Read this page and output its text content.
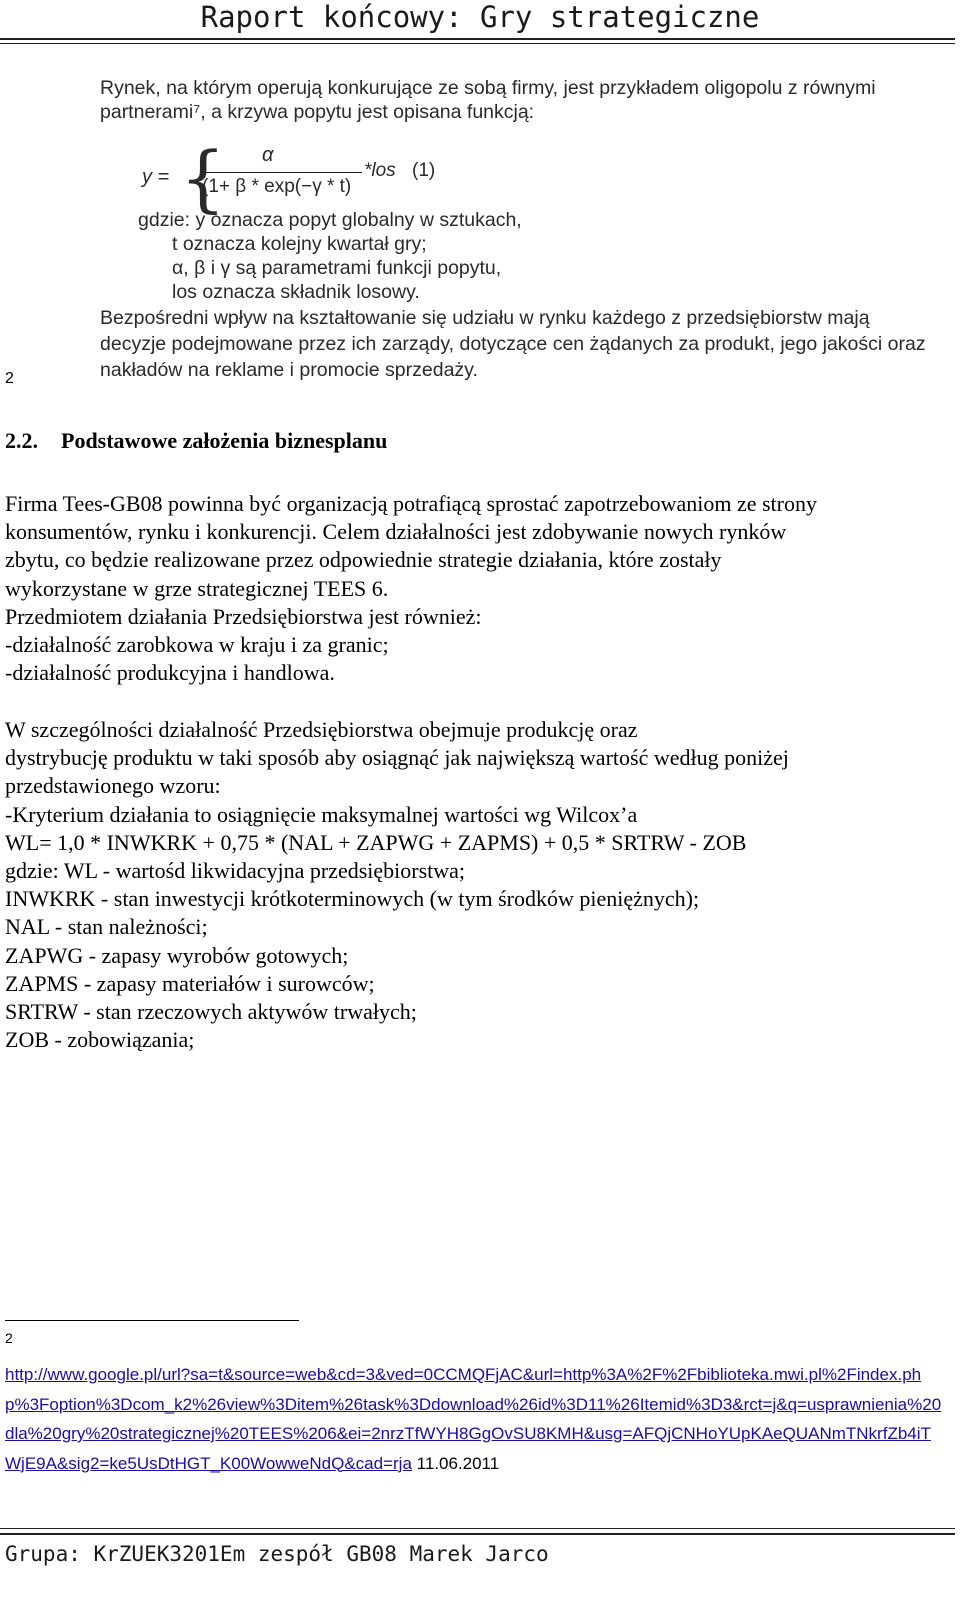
Raport końcowy: Gry strategiczne
Rynek, na którym operują konkurujące ze sobą firmy, jest przykładem oligopolu z równymi
partnerami⁷, a krzywa popytu jest opisana funkcją:
y = { α
(1+ β * exp(−γ * t)
*los (1)
gdzie: y oznacza popyt globalny w sztukach,
t oznacza kolejny kwartał gry;
α, β i γ są parametrami funkcji popytu,
los oznacza składnik losowy.
Bezpośredni wpływ na kształtowanie się udziału w rynku każdego z przedsiębiorstw mają
decyzje podejmowane przez ich zarządy, dotyczące cen żądanych za produkt, jego jakości oraz
nakładów na reklame i promocie sprzedaży.
2
2.2. Podstawowe założenia biznesplanu
Firma Tees-GB08 powinna być organizacją potrafiącą sprostać zapotrzebowaniom ze strony
konsumentów, rynku i konkurencji. Celem działalności jest zdobywanie nowych rynków
zbytu, co będzie realizowane przez odpowiednie strategie działania, które zostały
wykorzystane w grze strategicznej TEES 6.
Przedmiotem działania Przedsiębiorstwa jest również:
-działalność zarobkowa w kraju i za granic;
-działalność produkcyjna i handlowa.
W szczególności działalność Przedsiębiorstwa obejmuje produkcję oraz
dystrybucję produktu w taki sposób aby osiągnąć jak największą wartość według poniżej
przedstawionego wzoru:
-Kryterium działania to osiągnięcie maksymalnej wartości wg Wilcox’a
WL= 1,0 * INWKRK + 0,75 * (NAL + ZAPWG + ZAPMS) + 0,5 * SRTRW - ZOB
gdzie: WL - wartośd likwidacyjna przedsiębiorstwa;
INWKRK - stan inwestycji krótkoterminowych (w tym środków pieniężnych);
NAL - stan należności;
ZAPWG - zapasy wyrobów gotowych;
ZAPMS - zapasy materiałów i surowców;
SRTRW - stan rzeczowych aktywów trwałych;
ZOB - zobowiązania;
2
http://www.google.pl/url?sa=t&source=web&cd=3&ved=0CCMQFjAC&url=http%3A%2F%2Fbiblioteka.mwi.pl%2Findex.php%3Foption%3Dcom_k2%26view%3Ditem%26task%3Ddownload%26id%3D11%26Itemid%3D3&rct=j&q=usprawnienia%20dla%20gry%20strategicznej%20TEES%206&ei=2nrzTfWYH8GgOvSU8KMH&usg=AFQjCNHoYUpKAeQUANmTNkrfZb4iTWjE9A&sig2=ke5UsDtHGT_K00WowweNdQ&cad=rja 11.06.2011
Grupa: KrZUEK3201Em zespół GB08 Marek Jarco
